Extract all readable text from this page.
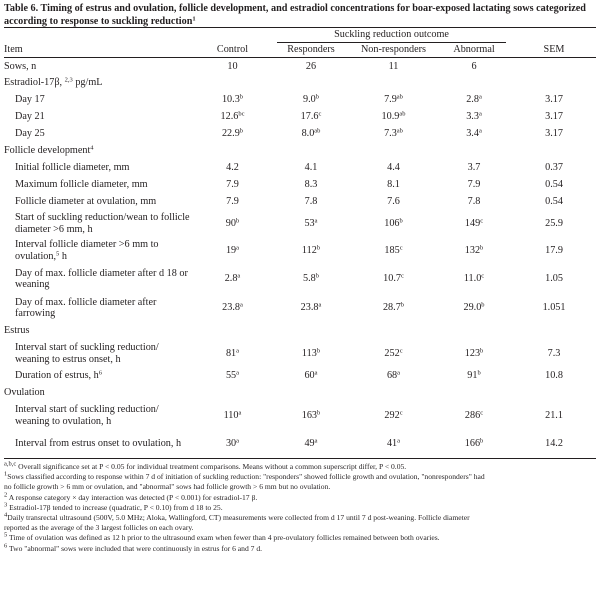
Table 6. Timing of estrus and ovulation, follicle development, and estradiol concentrations for boar-exposed lactating sows categorized according to response to suckling reduction$^1$

		Suckling reduction outcome			

Item	Control	Responders	Non-responders	Abnormal	SEM
Sows, n	10	26	11	6	
Estradiol-17β, $^{2,3}$ pg/mL					
Day 17	10.3$^b$	9.0$^b$	7.9$^{ab}$	2.8$^a$	3.17
Day 21	12.6$^{bc}$	17.6$^c$	10.9$^{ab}$	3.3$^a$	3.17
Day 25	22.9$^b$	8.0$^{ab}$	7.3$^{ab}$	3.4$^a$	3.17
Follicle development$^4$
Initial follicle diameter, mm	4.2	4.1	4.4	3.7	0.37
Maximum follicle diameter, mm	7.9	8.3	8.1	7.9	0.54
Follicle diameter at ovulation, mm	7.9	7.8	7.6	7.8	0.54
Start of suckling reduction/wean to follicle diameter >6 mm, h	90$^b$	53$^a$	106$^b$	149$^c$	25.9
Interval follicle diameter >6 mm to ovulation,$^5$ h	19$^a$	112$^b$	185$^c$	132$^b$	17.9
Day of max. follicle diameter after d 18 or weaning	2.8$^a$	5.8$^b$	10.7$^c$	11.0$^c$	1.05
Day of max. follicle diameter after farrowing	23.8$^a$	23.8$^a$	28.7$^b$	29.0$^b$	1.051
Estrus					
Interval start of suckling reduction/ weaning to estrus onset, h	81$^a$	113$^b$	252$^c$	123$^b$	7.3
Duration of estrus, $h^6$	55$^a$	60$^a$	68$^a$	91$^b$	10.8
Ovulation					
Interval start of suckling reduction/ weaning to ovulation, h	110$^a$	163$^b$	292$^c$	286$^c$	21.1
Interval from estrus onset to ovulation, h	30$^a$	49$^a$	41$^a$	166$^b$	14.2
$^{a,b,c}$ Overall significance set at P < 0.05 for individual treatment comparisons. Means without a common superscript differ, P < 0.05.
$^1$Sows classified according to response within 7 d of initiation of suckling reduction: "responders" showed follicle growth and ovulation, "nonresponders" had
no follicle growth > 6 mm or ovulation, and "abnormal" sows had follicle growth > 6 mm but no ovulation.
$^2$ A response category × day interaction was detected (P < 0.001) for estradiol-17 β.
$^3$ Estradiol-17β tended to increase (quadratic, P < 0.10) from d 18 to 25.
$^4$Daily transrectal ultrasound (500V, 5.0 MHz; Aloka, Wallingford, CT) measurements were collected from d 17 until 7 d post-weaning. Follicle diameter
reported as the average of the 3 largest follicles on each ovary.
$^5$ Time of ovulation was defined as 12 h prior to the ultrasound exam when fewer than 4 pre-ovulatory follicles remained between both ovaries.
$^6$ Two "abnormal" sows were included that were continuously in estrus for 6 and 7 d.
